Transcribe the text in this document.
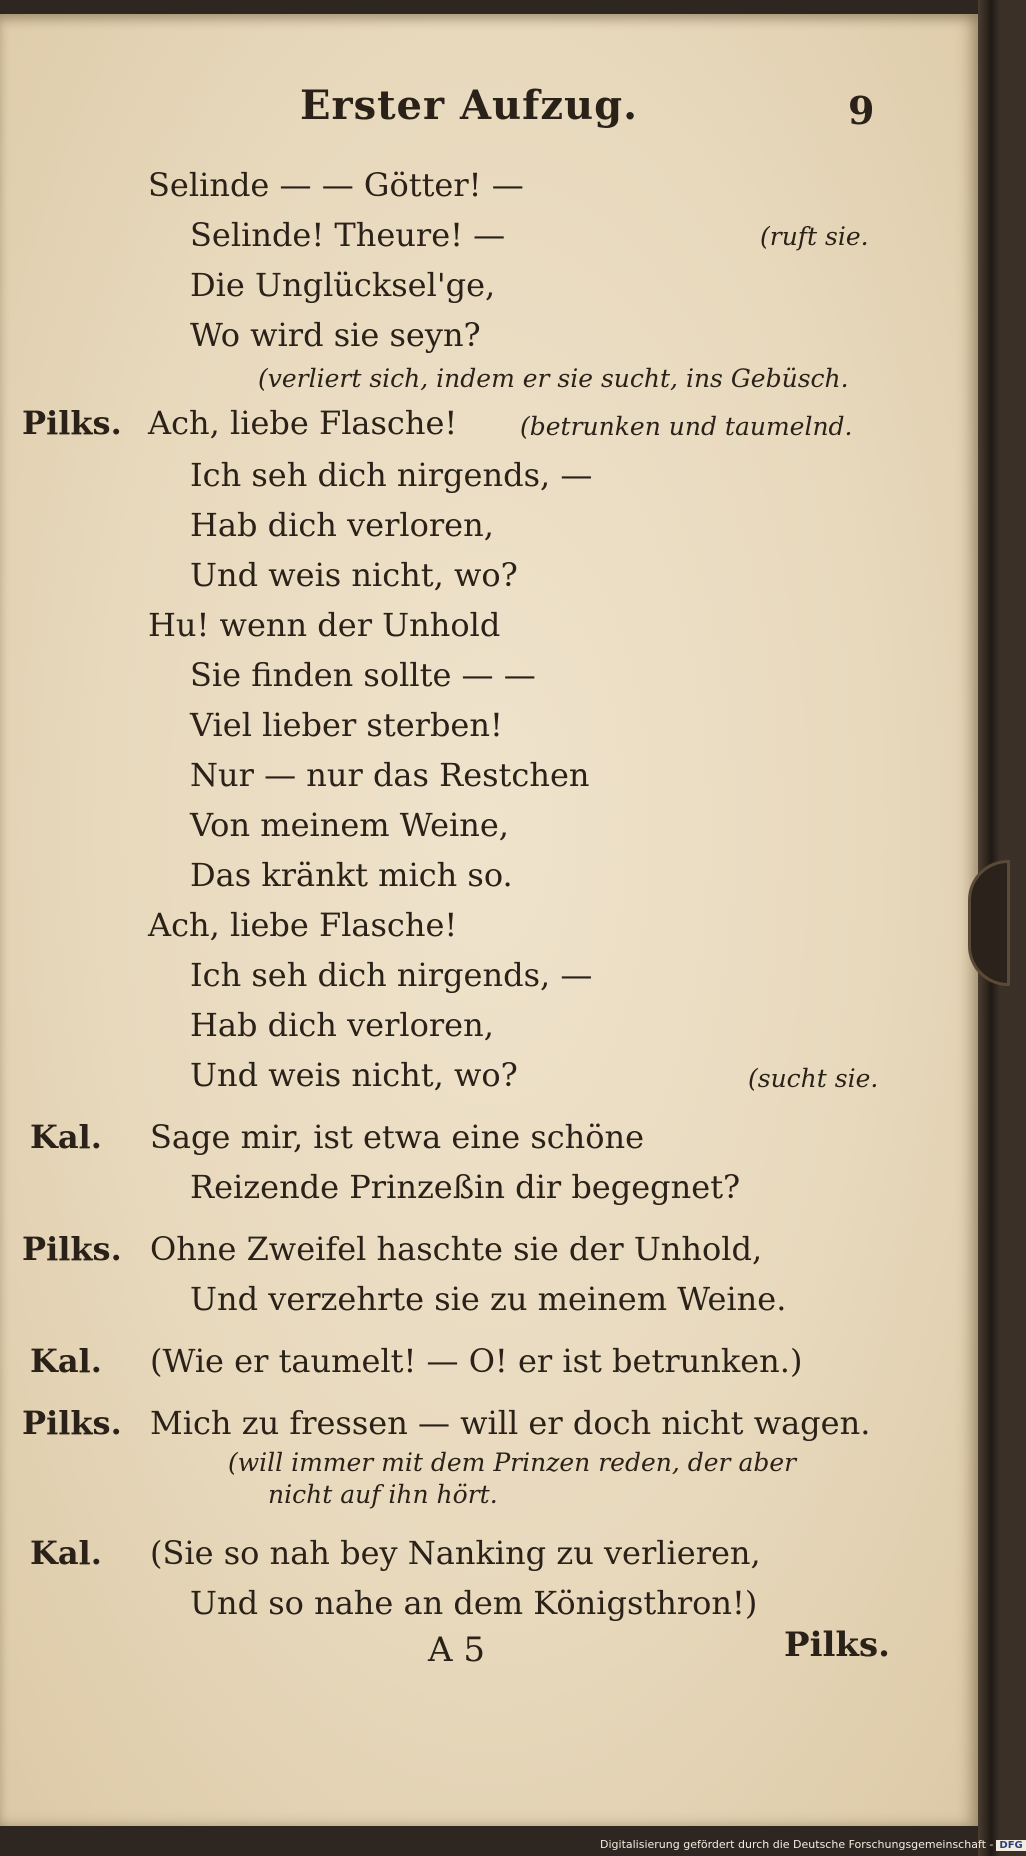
Erster Aufzug.	9
Selinde — — Götter! —
Selinde! Theure! —	(ruft sie.
Die Unglücksel'ge,
Wo wird sie seyn?
(verliert sich, indem er sie sucht, ins Gebüsch.
Pilks. Ach, liebe Flasche!	(betrunken und taumelnd.
Ich seh dich nirgends, —
Hab dich verloren,
Und weis nicht, wo?
Hu! wenn der Unhold
Sie finden sollte — —
Viel lieber sterben!
Nur — nur das Restchen
Von meinem Weine,
Das kränkt mich so.
Ach, liebe Flasche!
Ich seh dich nirgends, —
Hab dich verloren,
Und weis nicht, wo?	(sucht sie.
Kal. Sage mir, ist etwa eine schöne
Reizende Prinzeßin dir begegnet?
Pilks. Ohne Zweifel haschte sie der Unhold,
Und verzehrte sie zu meinem Weine.
Kal. (Wie er taumelt! — O! er ist betrunken.)
Pilks. Mich zu fressen — will er doch nicht wagen.
(will immer mit dem Prinzen reden, der aber
nicht auf ihn hört.
Kal. (Sie so nah bey Nanking zu verlieren,
Und so nahe an dem Königsthron!)
A 5	Pilks.
Digitalisierung gefördert durch die Deutsche Forschungsgemeinschaft - DFG
